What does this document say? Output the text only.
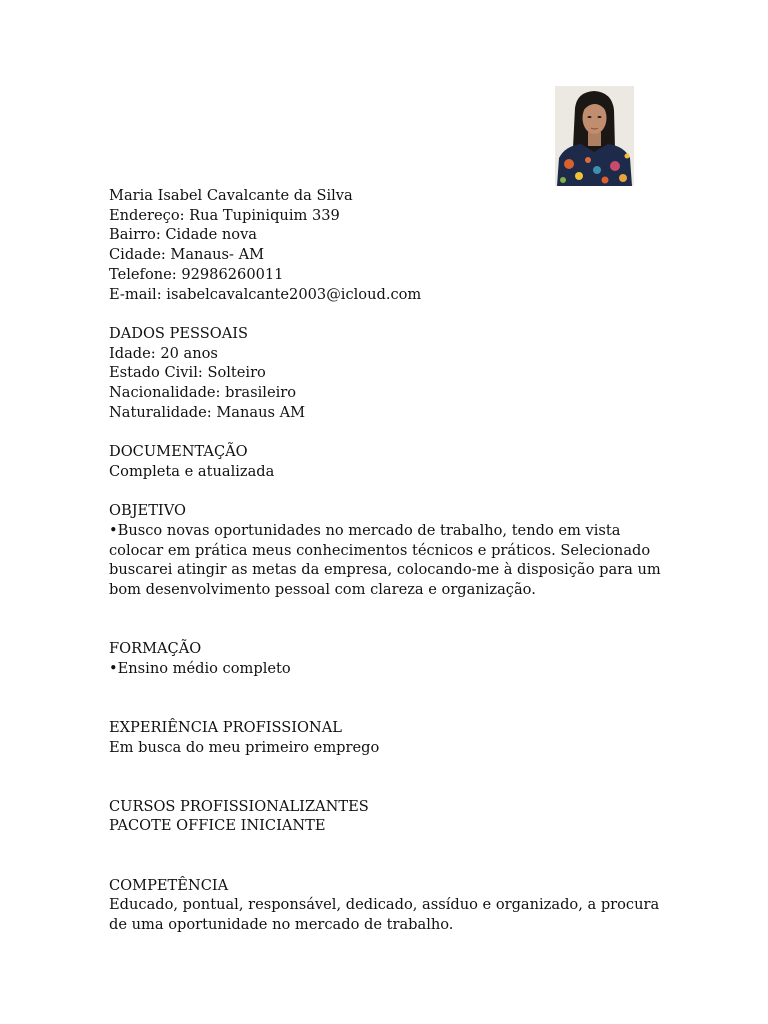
Maria Isabel Cavalcante da Silva
Endereço: Rua Tupiniquim 339
Bairro: Cidade nova
Cidade: Manaus- AM
Telefone: 92986260011
E-mail: isabelcavalcante2003@icloud.com
DADOS PESSOAIS
Idade: 20 anos
Estado Civil: Solteiro
Nacionalidade: brasileiro
Naturalidade: Manaus AM
DOCUMENTAÇÃO
Completa e atualizada
OBJETIVO
•Busco novas oportunidades no mercado de trabalho, tendo em vista colocar em prática meus conhecimentos técnicos e práticos. Selecionado buscarei atingir as metas da empresa, colocando-me à disposição para um bom desenvolvimento pessoal com clareza e organização.
FORMAÇÃO
•Ensino médio completo
EXPERIÊNCIA PROFISSIONAL
Em busca do meu primeiro emprego
CURSOS PROFISSIONALIZANTES
PACOTE OFFICE INICIANTE
COMPETÊNCIA
Educado, pontual, responsável, dedicado, assíduo e organizado, a procura de uma oportunidade no mercado de trabalho.
